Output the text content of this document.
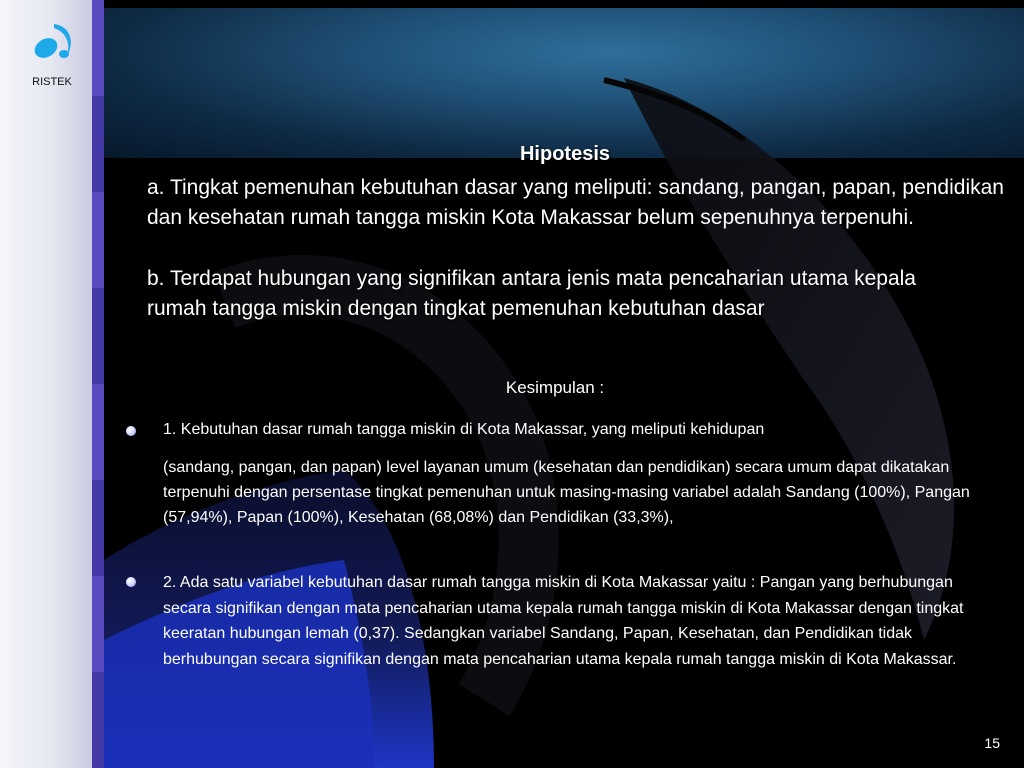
RISTEK
Hipotesis
a. Tingkat pemenuhan kebutuhan dasar yang meliputi: sandang, pangan, papan, pendidikan dan kesehatan rumah tangga miskin Kota Makassar belum sepenuhnya terpenuhi.
b. Terdapat hubungan yang signifikan antara jenis mata pencaharian utama kepala rumah tangga miskin dengan tingkat pemenuhan kebutuhan dasar
Kesimpulan :
1. Kebutuhan dasar rumah tangga miskin di Kota Makassar, yang meliputi kehidupan
(sandang, pangan, dan papan) level layanan umum (kesehatan dan pendidikan) secara umum dapat dikatakan terpenuhi dengan persentase tingkat pemenuhan untuk masing-masing variabel adalah Sandang (100%), Pangan (57,94%), Papan (100%), Kesehatan (68,08%) dan Pendidikan (33,3%),
2. Ada satu variabel kebutuhan dasar rumah tangga miskin di Kota Makassar yaitu : Pangan yang berhubungan secara signifikan dengan mata pencaharian utama kepala rumah tangga miskin di Kota Makassar dengan tingkat keeratan hubungan lemah (0,37). Sedangkan variabel Sandang, Papan, Kesehatan, dan Pendidikan tidak berhubungan secara signifikan dengan mata pencaharian utama kepala rumah tangga miskin di Kota Makassar.
15
